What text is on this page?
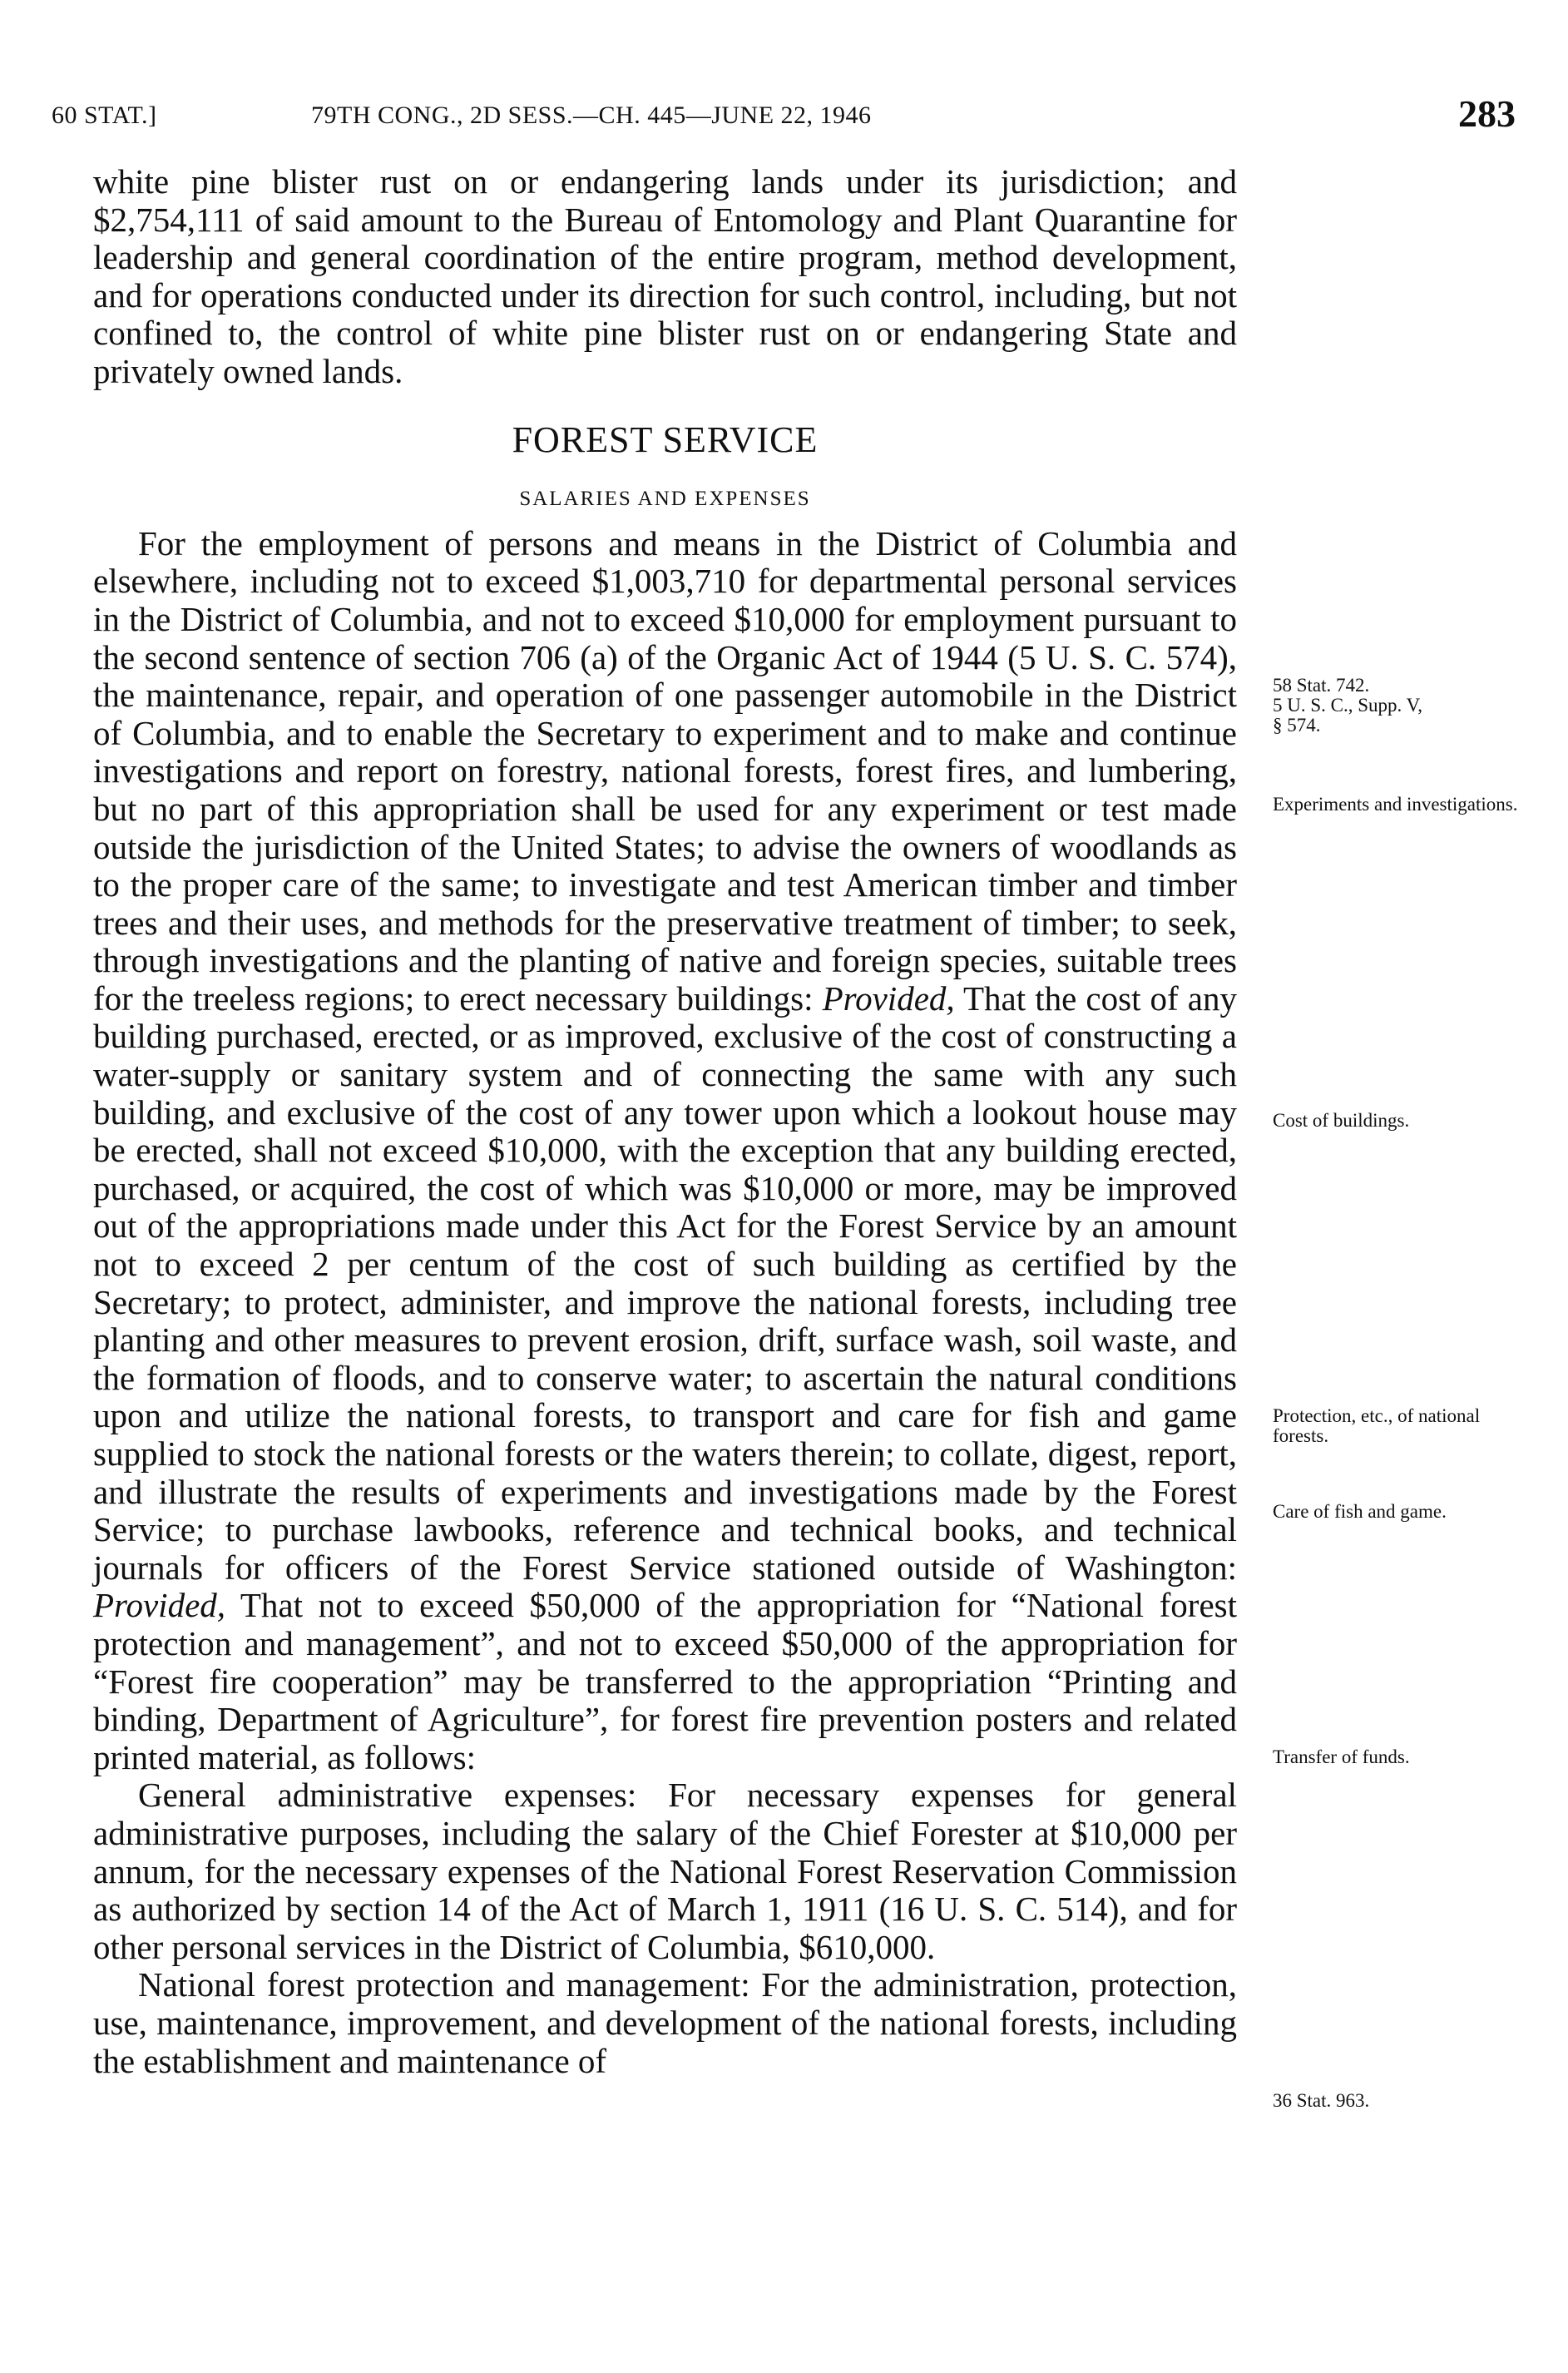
60 STAT.]	79TH CONG., 2D SESS.—CH. 445—JUNE 22, 1946	283

white pine blister rust on or endangering lands under its jurisdiction; and $2,754,111 of said amount to the Bureau of Entomology and Plant Quarantine for leadership and general coordination of the entire program, method development, and for operations conducted under its direction for such control, including, but not confined to, the control of white pine blister rust on or endangering State and privately owned lands.

FOREST SERVICE

SALARIES AND EXPENSES

For the employment of persons and means in the District of Columbia and elsewhere, including not to exceed $1,003,710 for departmental personal services in the District of Columbia, and not to exceed $10,000 for employment pursuant to the second sentence of section 706 (a) of the Organic Act of 1944 (5 U. S. C. 574), the maintenance, repair, and operation of one passenger automobile in the District of Columbia, and to enable the Secretary to experiment and to make and continue investigations and report on forestry, national forests, forest fires, and lumbering, but no part of this appropriation shall be used for any experiment or test made outside the jurisdiction of the United States; to advise the owners of woodlands as to the proper care of the same; to investigate and test American timber and timber trees and their uses, and methods for the preservative treatment of timber; to seek, through investigations and the planting of native and foreign species, suitable trees for the treeless regions; to erect necessary buildings: Provided, That the cost of any building purchased, erected, or as improved, exclusive of the cost of constructing a water-supply or sanitary system and of connecting the same with any such building, and exclusive of the cost of any tower upon which a lookout house may be erected, shall not exceed $10,000, with the exception that any building erected, purchased, or acquired, the cost of which was $10,000 or more, may be improved out of the appropriations made under this Act for the Forest Service by an amount not to exceed 2 per centum of the cost of such building as certified by the Secretary; to protect, administer, and improve the national forests, including tree planting and other measures to prevent erosion, drift, surface wash, soil waste, and the formation of floods, and to conserve water; to ascertain the natural conditions upon and utilize the national forests, to transport and care for fish and game supplied to stock the national forests or the waters therein; to collate, digest, report, and illustrate the results of experiments and investigations made by the Forest Service; to purchase lawbooks, reference and technical books, and technical journals for officers of the Forest Service stationed outside of Washington: Provided, That not to exceed $50,000 of the appropriation for “National forest protection and management”, and not to exceed $50,000 of the appropriation for “Forest fire cooperation” may be transferred to the appropriation “Printing and binding, Department of Agriculture”, for forest fire prevention posters and related printed material, as follows:

General administrative expenses: For necessary expenses for general administrative purposes, including the salary of the Chief Forester at $10,000 per annum, for the necessary expenses of the National Forest Reservation Commission as authorized by section 14 of the Act of March 1, 1911 (16 U. S. C. 514), and for other personal services in the District of Columbia, $610,000.

National forest protection and management: For the administration, protection, use, maintenance, improvement, and development of the national forests, including the establishment and maintenance of

58 Stat. 742.
5 U. S. C., Supp. V,
§ 574.
Experiments and investigations.
Cost of buildings.
Protection, etc., of national forests.
Care of fish and game.
Transfer of funds.
36 Stat. 963.
